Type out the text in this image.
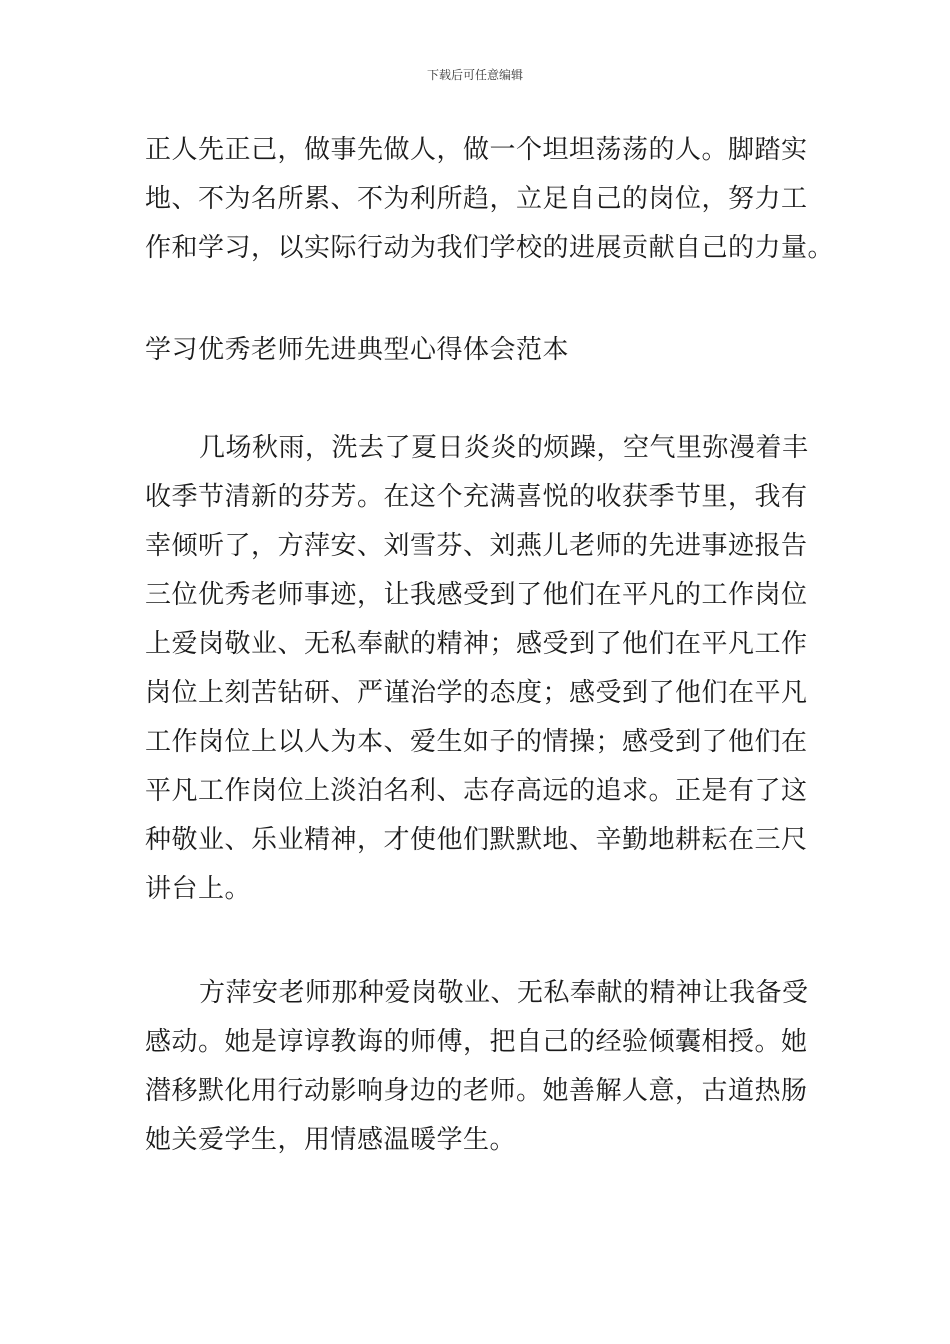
下载后可任意编辑
正人先正己，做事先做人，做一个坦坦荡荡的人。脚踏实
地、不为名所累、不为利所趋，立足自己的岗位，努力工
作和学习，以实际行动为我们学校的进展贡献自己的力量。
学习优秀老师先进典型心得体会范本
几场秋雨，洗去了夏日炎炎的烦躁，空气里弥漫着丰
收季节清新的芬芳。在这个充满喜悦的收获季节里，我有
幸倾听了，方萍安、刘雪芬、刘燕儿老师的先进事迹报告
三位优秀老师事迹，让我感受到了他们在平凡的工作岗位
上爱岗敬业、无私奉献的精神；感受到了他们在平凡工作
岗位上刻苦钻研、严谨治学的态度；感受到了他们在平凡
工作岗位上以人为本、爱生如子的情操；感受到了他们在
平凡工作岗位上淡泊名利、志存高远的追求。正是有了这
种敬业、乐业精神，才使他们默默地、辛勤地耕耘在三尺
讲台上。
方萍安老师那种爱岗敬业、无私奉献的精神让我备受
感动。她是谆谆教诲的师傅，把自己的经验倾囊相授。她
潜移默化用行动影响身边的老师。她善解人意，古道热肠
她关爱学生，用情感温暖学生。
